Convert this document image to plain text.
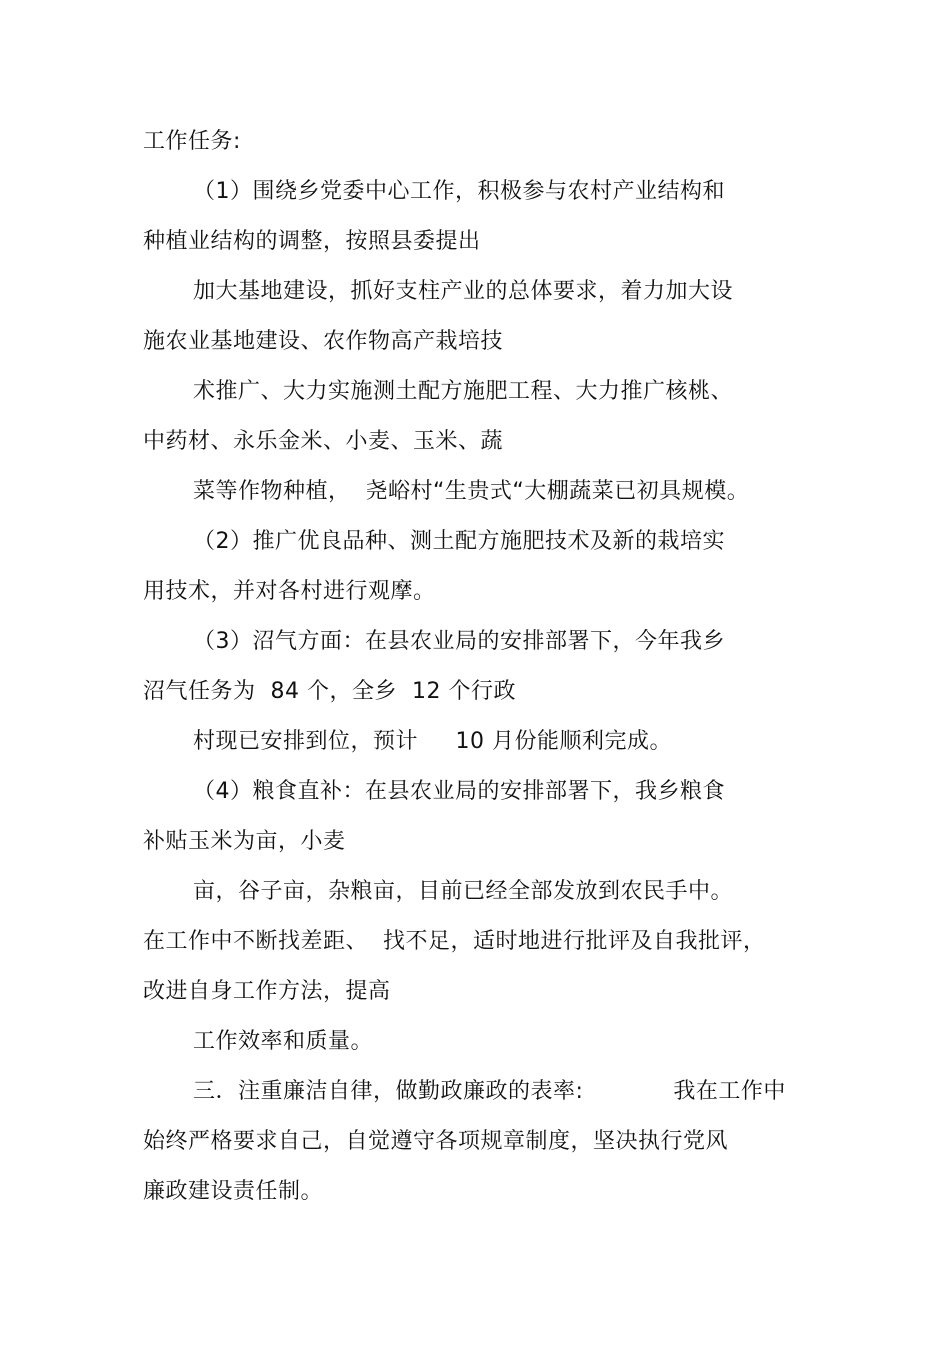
工作任务:
（1）围绕乡党委中心工作，积极参与农村产业结构和
种植业结构的调整，按照县委提出
加大基地建设，抓好支柱产业的总体要求，着力加大设
施农业基地建设、农作物高产栽培技
术推广、大力实施测土配方施肥工程、大力推广核桃、
中药材、永乐金米、小麦、玉米、蔬
菜等作物种植，  尧峪村“生贵式“大棚蔬菜已初具规模。
（2）推广优良品种、测土配方施肥技术及新的栽培实
用技术，并对各村进行观摩。
（3）沼气方面：在县农业局的安排部署下，今年我乡
沼气任务为  84 个，全乡  12 个行政
村现已安排到位，预计     10 月份能顺利完成。
（4）粮食直补：在县农业局的安排部署下，我乡粮食
补贴玉米为亩，小麦
亩，谷子亩，杂粮亩，目前已经全部发放到农民手中。
在工作中不断找差距、  找不足，适时地进行批评及自我批评，
改进自身工作方法，提高
工作效率和质量。
三．注重廉洁自律，做勤政廉政的表率:            我在工作中
始终严格要求自己，自觉遵守各项规章制度，坚决执行党风
廉政建设责任制。
